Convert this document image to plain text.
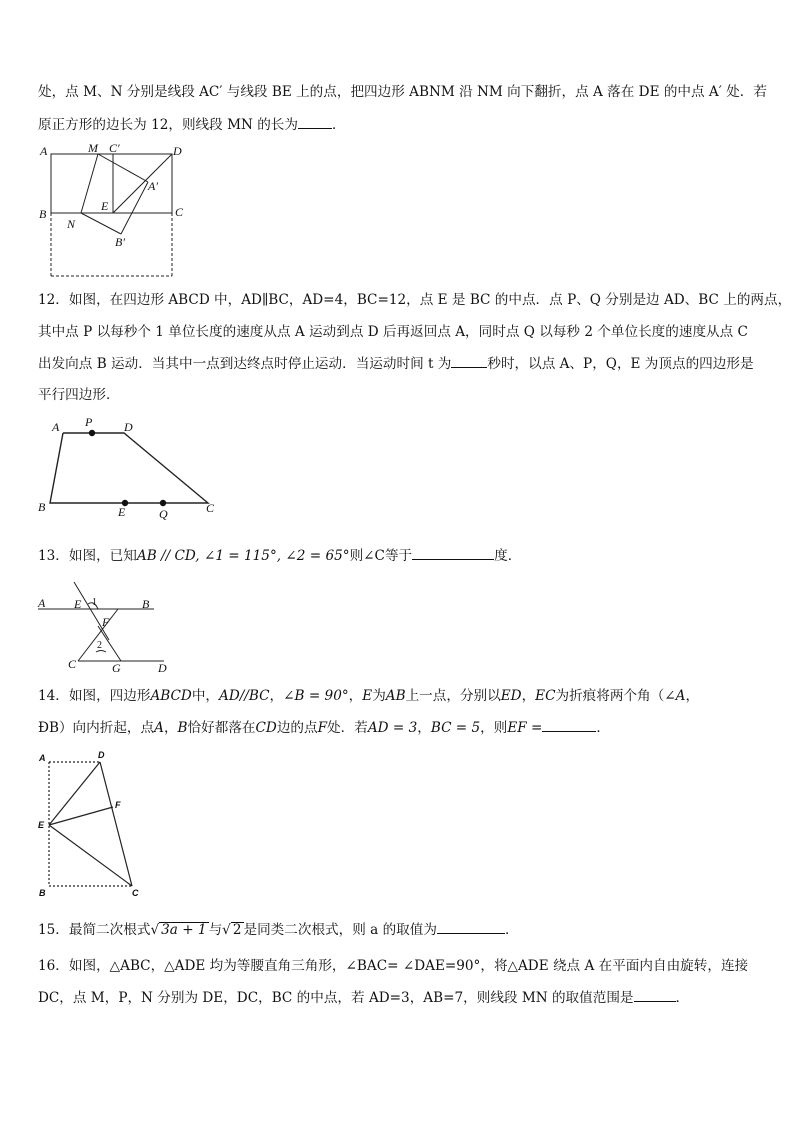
处，点 M、N 分别是线段 AC′ 与线段 BE 上的点，把四边形 ABNM 沿 NM 向下翻折，点 A 落在 DE 的中点 A′ 处．若
原正方形的边长为 12，则线段 MN 的长为	．
A	M C′	D
A′
E
B	C
N
B′
12．如图，在四边形 ABCD 中，AD∥BC，AD=4，BC=12，点 E 是 BC 的中点．点 P、Q 分别是边 AD、BC 上的两点，
其中点 P 以每秒个 1 单位长度的速度从点 A 运动到点 D 后再返回点 A，同时点 Q 以每秒 2 个单位长度的速度从点 C
出发向点 B 运动．当其中一点到达终点时停止运动．当运动时间 t 为	秒时，以点 A、P，Q，E 为顶点的四边形是
平行四边形．
A P	D
B	E	Q	C
13．如图，已知AB // CD, ∠1 = 115°, ∠2 = 65°则∠C等于	度．
A E 1	B
F
2
C	G	D
14．如图，四边形ABCD中，AD//BC，∠B = 90°，E为AB上一点，分别以ED，EC为折痕将两个角（∠A，
ÐB）向内折起，点A，B恰好都落在CD边的点F处．若AD = 3，BC = 5，则EF =	．
A	D
F
E
B	C
15．最简二次根式√ 3a + 1 与√ 2 是同类二次根式，则 a 的取值为	．
16．如图，△ABC，△ADE 均为等腰直角三角形，∠BAC= ∠DAE=90°，将△ADE 绕点 A 在平面内自由旋转，连接
DC，点 M，P，N 分别为 DE，DC，BC 的中点，若 AD=3，AB=7，则线段 MN 的取值范围是	．
